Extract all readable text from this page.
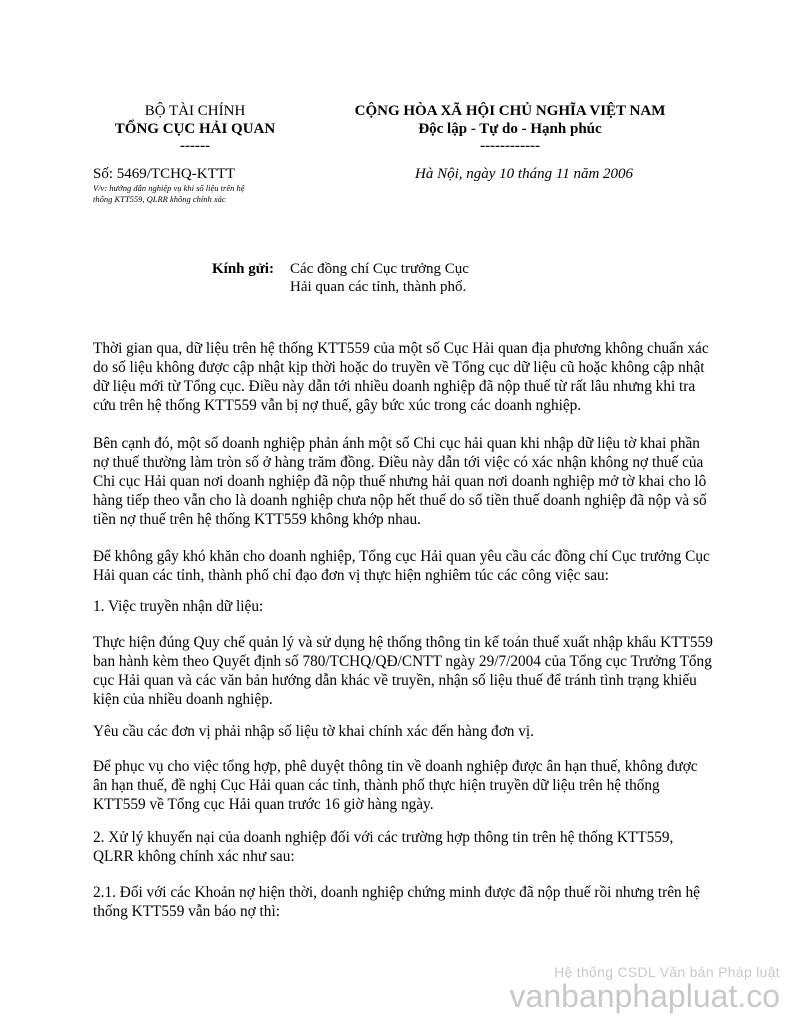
BỘ TÀI CHÍNH
TỔNG CỤC HẢI QUAN
------
CỘNG HÒA XÃ HỘI CHỦ NGHĨA VIỆT NAM
Độc lập - Tự do - Hạnh phúc
------------
Số: 5469/TCHQ-KTTT
V/v: hướng dẫn nghiệp vụ khi số liệu trên hệ
thống KTT559, QLRR không chính xác
Hà Nội, ngày 10 tháng 11 năm 2006
Kính gửi: Các đồng chí Cục trưởng Cục
Hải quan các tỉnh, thành phố.
Thời gian qua, dữ liệu trên hệ thống KTT559 của một số Cục Hải quan địa phương không chuẩn xác do số liệu không được cập nhật kịp thời hoặc do truyền về Tổng cục dữ liệu cũ hoặc không cập nhật dữ liệu mới từ Tổng cục. Điều này dẫn tới nhiều doanh nghiệp đã nộp thuế từ rất lâu nhưng khi tra cứu trên hệ thống KTT559 vẫn bị nợ thuế, gây bức xúc trong các doanh nghiệp.
Bên cạnh đó, một số doanh nghiệp phản ánh một số Chi cục hải quan khi nhập dữ liệu tờ khai phần nợ thuế thường làm tròn số ở hàng trăm đồng. Điều này dẫn tới việc có xác nhận không nợ thuế của Chi cục Hải quan nơi doanh nghiệp đã nộp thuế nhưng hải quan nơi doanh nghiệp mở tờ khai cho lô hàng tiếp theo vẫn cho là doanh nghiệp chưa nộp hết thuế do số tiền thuế doanh nghiệp đã nộp và số tiền nợ thuế trên hệ thống KTT559 không khớp nhau.
Để không gây khó khăn cho doanh nghiệp, Tổng cục Hải quan yêu cầu các đồng chí Cục trưởng Cục Hải quan các tỉnh, thành phố chỉ đạo đơn vị thực hiện nghiêm túc các công việc sau:
1. Việc truyền nhận dữ liệu:
Thực hiện đúng Quy chế quản lý và sử dụng hệ thống thông tin kế toán thuế xuất nhập khẩu KTT559 ban hành kèm theo Quyết định số 780/TCHQ/QĐ/CNTT ngày 29/7/2004 của Tổng cục Trưởng Tổng cục Hải quan và các văn bản hướng dẫn khác về truyền, nhận số liệu thuế để tránh tình trạng khiếu kiện của nhiều doanh nghiệp.
Yêu cầu các đơn vị phải nhập số liệu tờ khai chính xác đến hàng đơn vị.
Để phục vụ cho việc tổng hợp, phê duyệt thông tin về doanh nghiệp được ân hạn thuế, không được ân hạn thuế, đề nghị Cục Hải quan các tỉnh, thành phố thực hiện truyền dữ liệu trên hệ thống KTT559 về Tổng cục Hải quan trước 16 giờ hàng ngày.
2. Xử lý khuyến nại của doanh nghiệp đối với các trường hợp thông tin trên hệ thống KTT559, QLRR không chính xác như sau:
2.1. Đối với các Khoản nợ hiện thời, doanh nghiệp chứng minh được đã nộp thuế rồi nhưng trên hệ thống KTT559 vẫn báo nợ thì:
Hệ thống CSDL Văn bản Pháp luật
vanbanphapluat.co
